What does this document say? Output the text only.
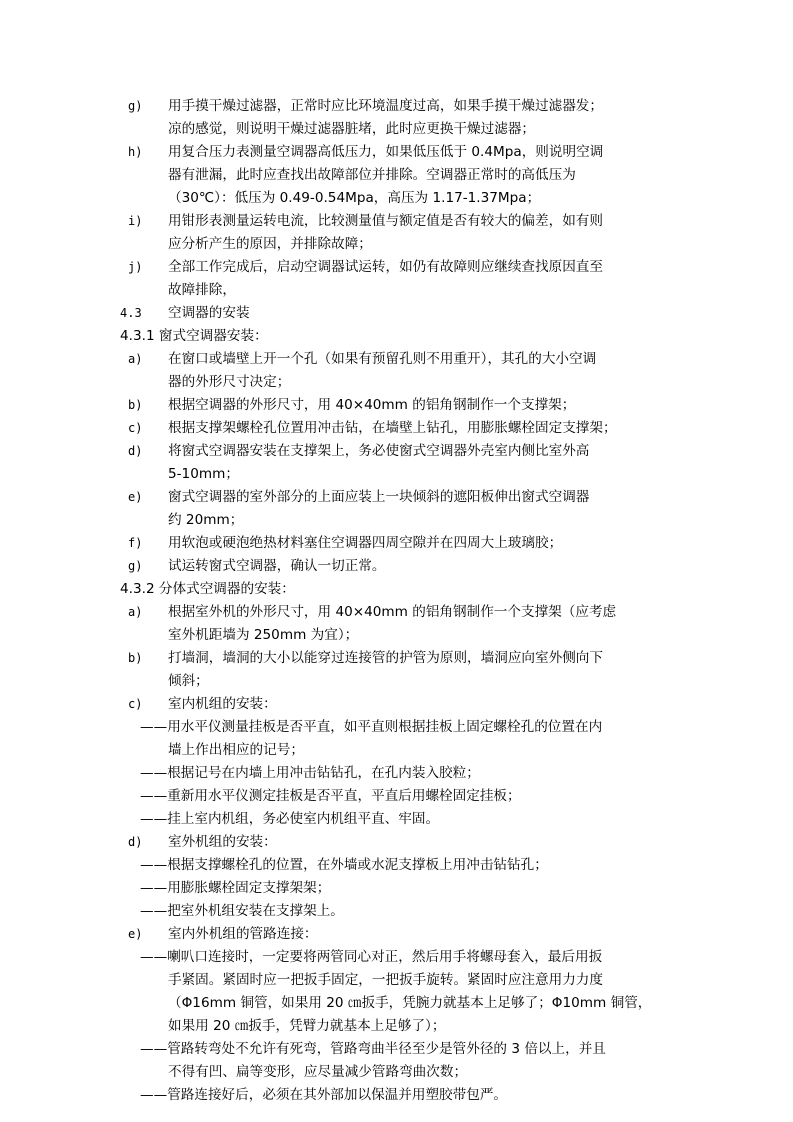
g) 用手摸干燥过滤器，正常时应比环境温度过高，如果手摸干燥过滤器发；
凉的感觉，则说明干燥过滤器脏堵，此时应更换干燥过滤器；
h) 用复合压力表测量空调器高低压力，如果低压低于 0.4Mpa，则说明空调
器有泄漏，此时应查找出故障部位并排除。空调器正常时的高低压为
（30℃）：低压为 0.49-0.54Mpa，高压为 1.17-1.37Mpa；
i) 用钳形表测量运转电流，比较测量值与额定值是否有较大的偏差，如有则
应分析产生的原因，并排除故障；
j) 全部工作完成后，启动空调器试运转，如仍有故障则应继续查找原因直至
故障排除，
4.3 空调器的安装
4.3.1 窗式空调器安装：
a) 在窗口或墙壁上开一个孔（如果有预留孔则不用重开），其孔的大小空调
器的外形尺寸决定；
b) 根据空调器的外形尺寸，用 40×40mm 的铝角钢制作一个支撑架；
c) 根据支撑架螺栓孔位置用冲击钻，在墙壁上钻孔，用膨胀螺栓固定支撑架；
d) 将窗式空调器安装在支撑架上，务必使窗式空调器外壳室内侧比室外高
5-10mm；
e) 窗式空调器的室外部分的上面应装上一块倾斜的遮阳板伸出窗式空调器
约 20mm；
f) 用软泡或硬泡绝热材料塞住空调器四周空隙并在四周大上玻璃胶；
g) 试运转窗式空调器，确认一切正常。
4.3.2 分体式空调器的安装：
a) 根据室外机的外形尺寸，用 40×40mm 的铝角钢制作一个支撑架（应考虑
室外机距墙为 250mm 为宜）；
b) 打墙洞，墙洞的大小以能穿过连接管的护管为原则，墙洞应向室外侧向下
倾斜；
c) 室内机组的安装：
——用水平仪测量挂板是否平直，如平直则根据挂板上固定螺栓孔的位置在内
墙上作出相应的记号；
——根据记号在内墙上用冲击钻钻孔，在孔内装入胶粒；
——重新用水平仪测定挂板是否平直，平直后用螺栓固定挂板；
——挂上室内机组，务必使室内机组平直、牢固。
d) 室外机组的安装：
——根据支撑螺栓孔的位置，在外墙或水泥支撑板上用冲击钻钻孔；
——用膨胀螺栓固定支撑架架；
——把室外机组安装在支撑架上。
e) 室内外机组的管路连接：
——喇叭口连接时，一定要将两管同心对正，然后用手将螺母套入，最后用扳
手紧固。紧固时应一把扳手固定，一把扳手旋转。紧固时应注意用力力度
（Φ16mm 铜管，如果用 20 ㎝扳手，凭腕力就基本上足够了；Φ10mm 铜管，
如果用 20 ㎝扳手，凭臂力就基本上足够了）；
——管路转弯处不允许有死弯，管路弯曲半径至少是管外径的 3 倍以上，并且
不得有凹、扁等变形，应尽量减少管路弯曲次数；
——管路连接好后，必须在其外部加以保温并用塑胶带包严。
